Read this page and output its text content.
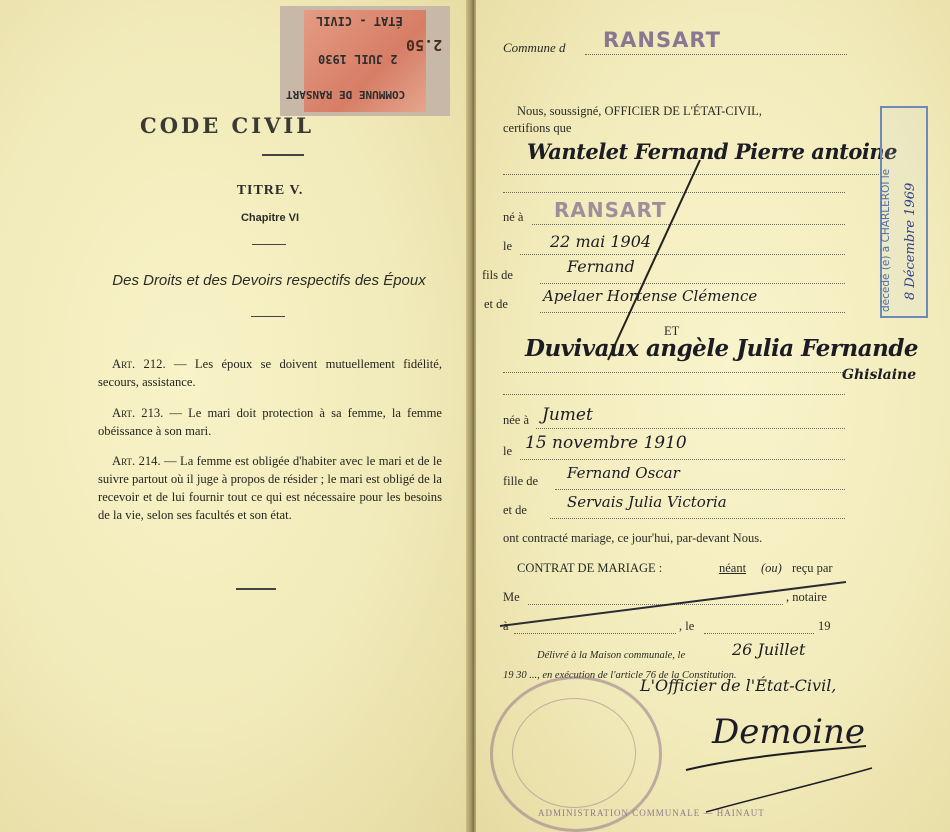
ÉTAT - CIVIL
2 JUIL 1930
COMMUNE DE RANSART
2.50
CODE CIVIL
TITRE V.
Chapitre VI
Des Droits et des Devoirs respectifs des Époux
Art. 212. — Les époux se doivent mutuellement fidélité, secours, assistance.
Art. 213. — Le mari doit protection à sa femme, la femme obéissance à son mari.
Art. 214. — La femme est obligée d'habiter avec le mari et de le suivre partout où il juge à propos de résider ; le mari est obligé de la recevoir et de lui fournir tout ce qui est nécessaire pour les besoins de la vie, selon ses facultés et son état.
Commune d RANSART
Nous, soussigné, OFFICIER DE L'ÉTAT-CIVIL,
certifions que
Wantelet Fernand Pierre antoine
né à RANSART
le 22 mai 1904
fils de	Fernand
et de Apelaer Hortense Clémence
ET
Duvivaux angèle Julia Fernande
Ghislaine
née à Jumet
le 15 novembre 1910
fille de Fernand Oscar
et de	Servais Julia Victoria
ont contracté mariage, ce jour'hui, par-devant Nous.
CONTRAT DE MARIAGE :	néant (ou) reçu par
Me	, notaire
, le	19
Délivré à la Maison communale, le	26 Juillet
19 30 ..., en exécution de l'article 76 de la Constitution.
ADMINISTRATION COMMUNALE — HAINAUT
L'Officier de l'État-Civil,
Demoine
décédé (e) à CHARLEROI le 8 Décembre 1969
